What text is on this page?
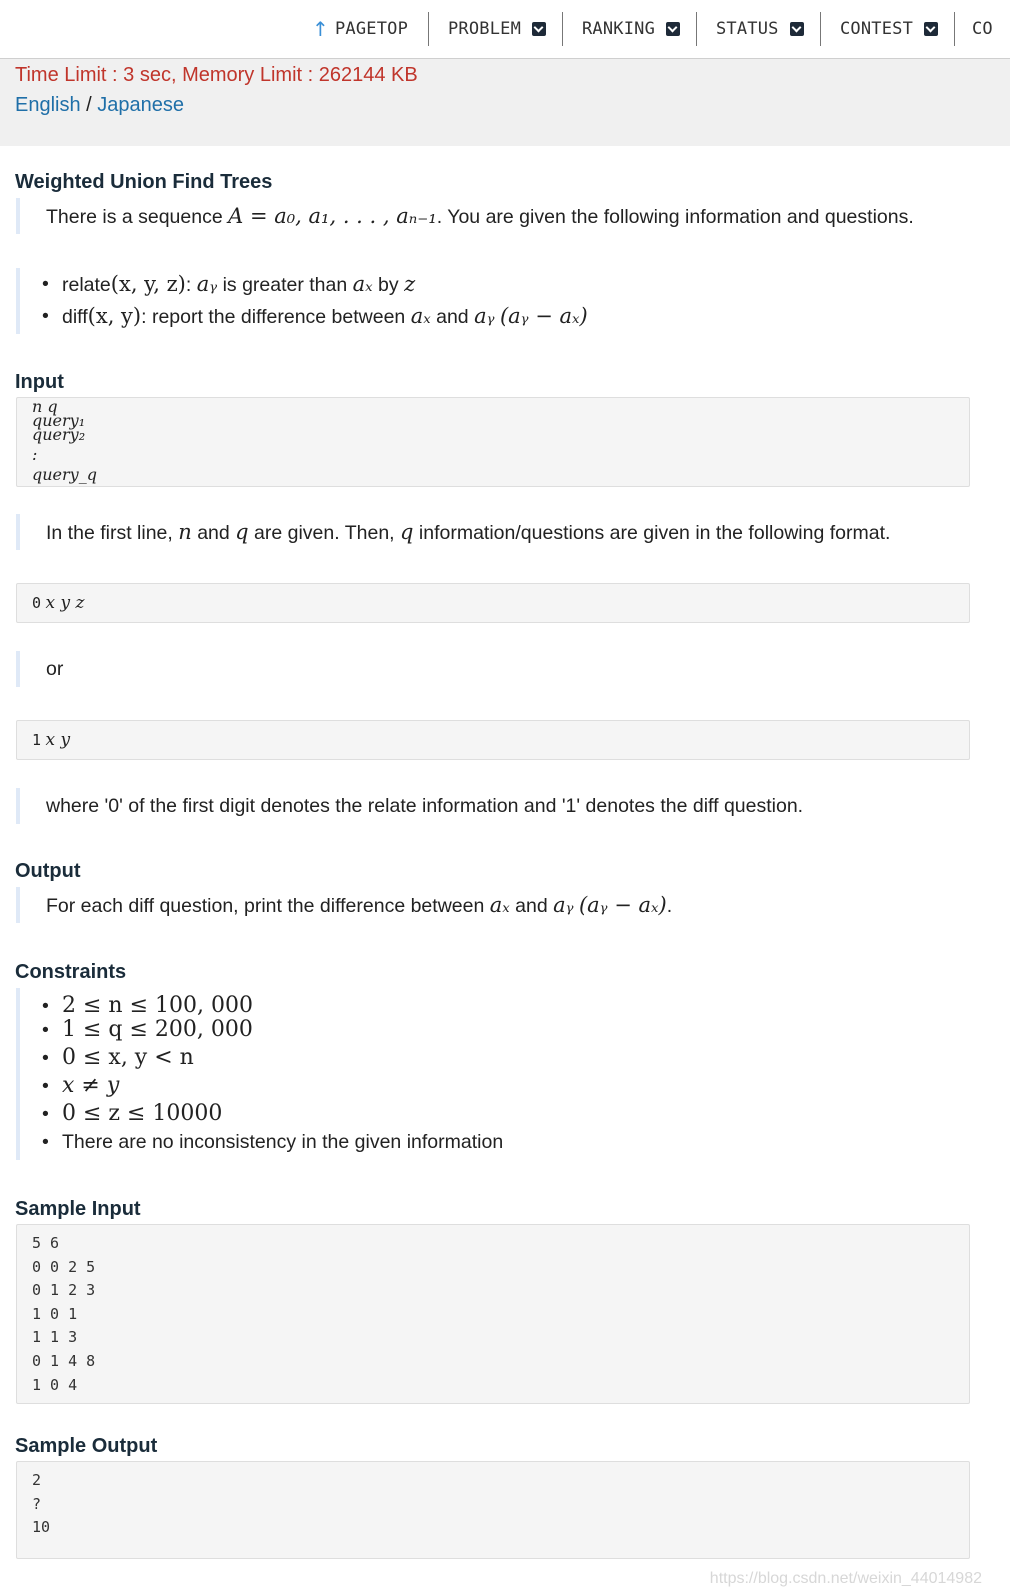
↑ PAGETOP PROBLEM	RANKING	STATUS	CONTEST	CO
Time Limit : 3 sec, Memory Limit : 262144 KB
English / Japanese
Weighted Union Find Trees
There is a sequence A = a₀, a₁, . . . , aₙ₋₁. You are given the following information and questions.
• relate(x, y, z): aᵧ is greater than aₓ by z
• diff(x, y): report the difference between aₓ and aᵧ (aᵧ − aₓ)
Input
n q
query₁
query₂
:
query_q
In the first line, n and q are given. Then, q information/questions are given in the following format.
0 x y z
or
1 x y
where '0' of the first digit denotes the relate information and '1' denotes the diff question.
Output
For each diff question, print the difference between aₓ and aᵧ (aᵧ − aₓ).
Constraints
• 2 ≤ n ≤ 100, 000
• 1 ≤ q ≤ 200, 000
• 0 ≤ x, y < n
• x ≠ y
• 0 ≤ z ≤ 10000
• There are no inconsistency in the given information
Sample Input
5 6
0 0 2 5
0 1 2 3
1 0 1
1 1 3
0 1 4 8
1 0 4
Sample Output
2
?
10
https://blog.csdn.net/weixin_44014982
